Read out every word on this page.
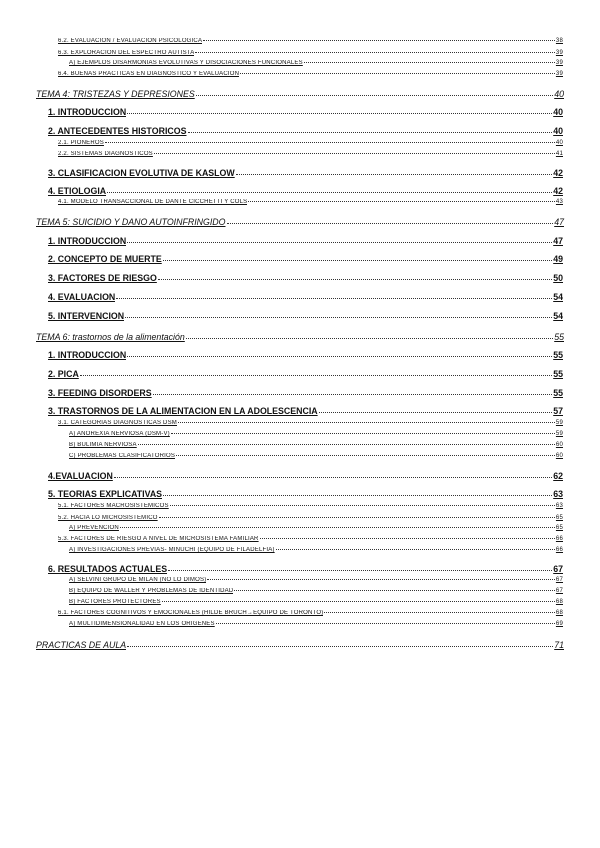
6.2. EVALUACIÓN / EVALUACIÓN PSICOLÓGICA	38
6.3. EXPLORACIÓN DEL ESPECTRO AUTISTA	39
A) EJEMPLOS DISARMONÍAS EVOLUTIVAS Y DISOCIACIONES FUNCIONALES	39
6.4. BUENAS PRÁCTICAS EN DIAGNÓSTICO Y EVALUACIÓN	39
TEMA 4: TRISTEZAS Y DEPRESIONES	40
1. INTRODUCCIÓN	40
2. ANTECEDENTES HISTÓRICOS	40
2.1. PIONEROS	40
2.2. SISTEMAS DIAGNÓSTICOS	41
3. CLASIFICACIÓN EVOLUTIVA DE KASLOW	42
4. ETIOLOGÍA	42
4.1. MODELO TRANSACCIONAL DE DANTE CICCHETTI Y COLS	43
TEMA 5: SUICIDIO Y DAÑO AUTOINFRINGIDO	47
1. INTRODUCCIÓN	47
2. CONCEPTO DE MUERTE	49
3. FACTORES DE RIESGO	50
4. EVALUACIÓN	54
5. INTERVENCIÓN	54
TEMA 6: trastornos de la alimentación	55
1. INTRODUCCIÓN	55
2. PICA	55
3. FEEDING DISORDERS	55
3. TRASTORNOS DE LA ALIMENTACIÓN EN LA ADOLESCENCIA	57
3.1. CATEGORÍAS DIAGNÓSTICAS DSM	59
A) ANOREXIA NERVIOSA (DSM-V)	59
B) BULIMIA NERVIOSA	60
C) PROBLEMAS CLASIFICATORIOS	60
4.EVALUACIÓN	62
5. TEORÍAS EXPLICATIVAS	63
5.1. FACTORES MACROSISTÉMICOS	63
5.2. HACIA LO MICROSISTÉMICO	65
A) PREVENCIÓN	65
5.3. FACTORES DE RIESGO A NIVEL DE MICROSISTEMA FAMILIAR	66
A) INVESTIGACIONES PREVIAS- MINUCHI (EQUIPO DE FILADELFIA)	66
6. RESULTADOS ACTUALES	67
A) SELVINI GRUPO DE MILÁN (NO LO DIMOS)	67
B) EQUIPO DE WALLER Y PROBLEMAS DE IDENTIDAD	67
B) FACTORES PROTECTORES	68
6.1. FACTORES COGNITIVOS Y EMOCIONALES (HILDE BRUCH→EQUIPO DE TORONTO)	68
A) MULTIDIMENSIONALIDAD EN LOS ORÍGENES	69
PRÁCTICAS DE AULA	71
